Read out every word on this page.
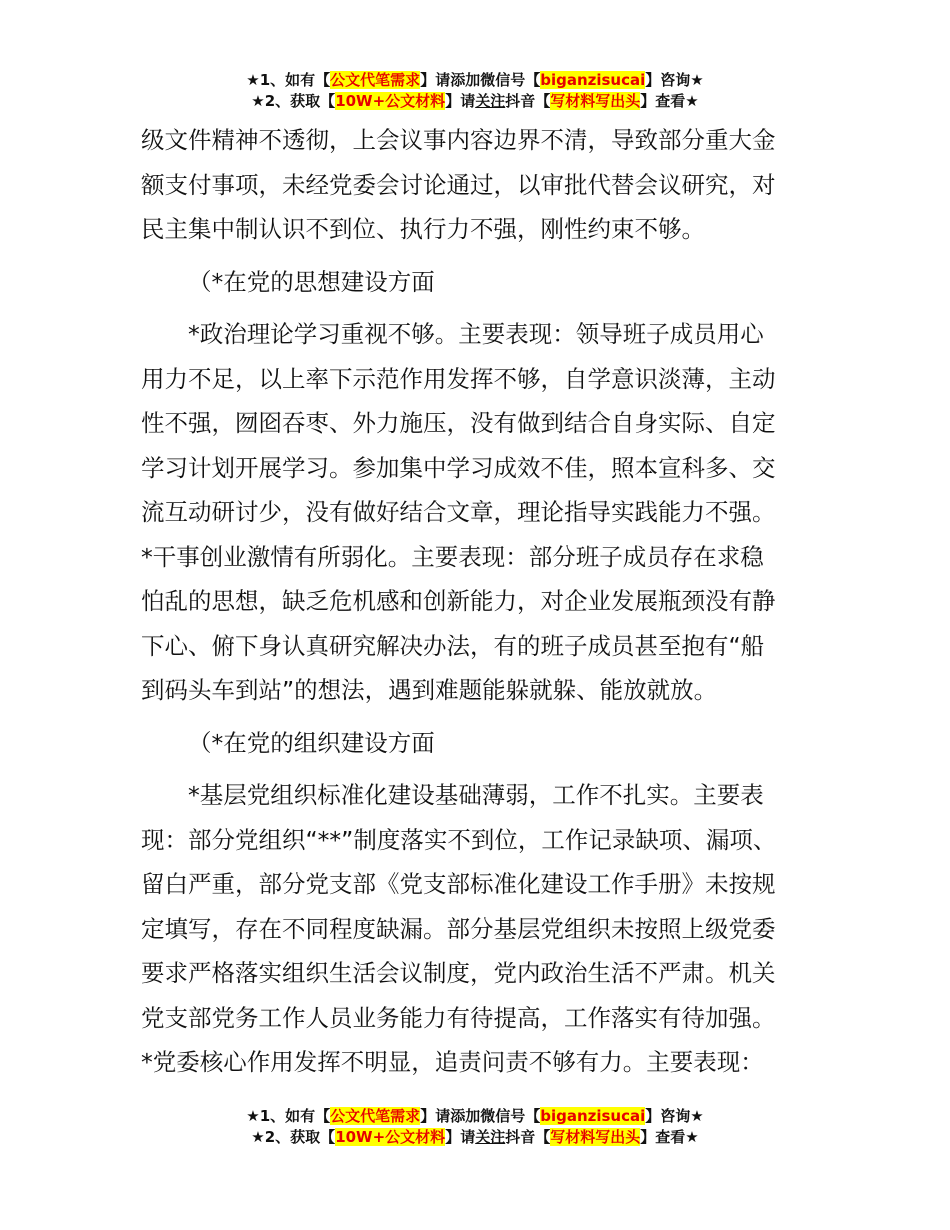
★1、如有【公文代笔需求】请添加微信号【biganzisucai】咨询★
★2、获取【10W+公文材料】请关注抖音【写材料写出头】查看★

级文件精神不透彻，上会议事内容边界不清，导致部分重大金

额支付事项，未经党委会讨论通过，以审批代替会议研究，对

民主集中制认识不到位、执行力不强，刚性约束不够。

（*在党的思想建设方面

*政治理论学习重视不够。主要表现：领导班子成员用心

用力不足，以上率下示范作用发挥不够，自学意识淡薄，主动

性不强，囫囵吞枣、外力施压，没有做到结合自身实际、自定

学习计划开展学习。参加集中学习成效不佳，照本宣科多、交

流互动研讨少，没有做好结合文章，理论指导实践能力不强。

*干事创业激情有所弱化。主要表现：部分班子成员存在求稳

怕乱的思想，缺乏危机感和创新能力，对企业发展瓶颈没有静

下心、俯下身认真研究解决办法，有的班子成员甚至抱有“船

到码头车到站”的想法，遇到难题能躲就躲、能放就放。

（*在党的组织建设方面

*基层党组织标准化建设基础薄弱，工作不扎实。主要表

现：部分党组织“**”制度落实不到位，工作记录缺项、漏项、

留白严重，部分党支部《党支部标准化建设工作手册》未按规

定填写，存在不同程度缺漏。部分基层党组织未按照上级党委

要求严格落实组织生活会议制度，党内政治生活不严肃。机关

党支部党务工作人员业务能力有待提高，工作落实有待加强。

*党委核心作用发挥不明显，追责问责不够有力。主要表现：

★1、如有【公文代笔需求】请添加微信号【biganzisucai】咨询★
★2、获取【10W+公文材料】请关注抖音【写材料写出头】查看★
